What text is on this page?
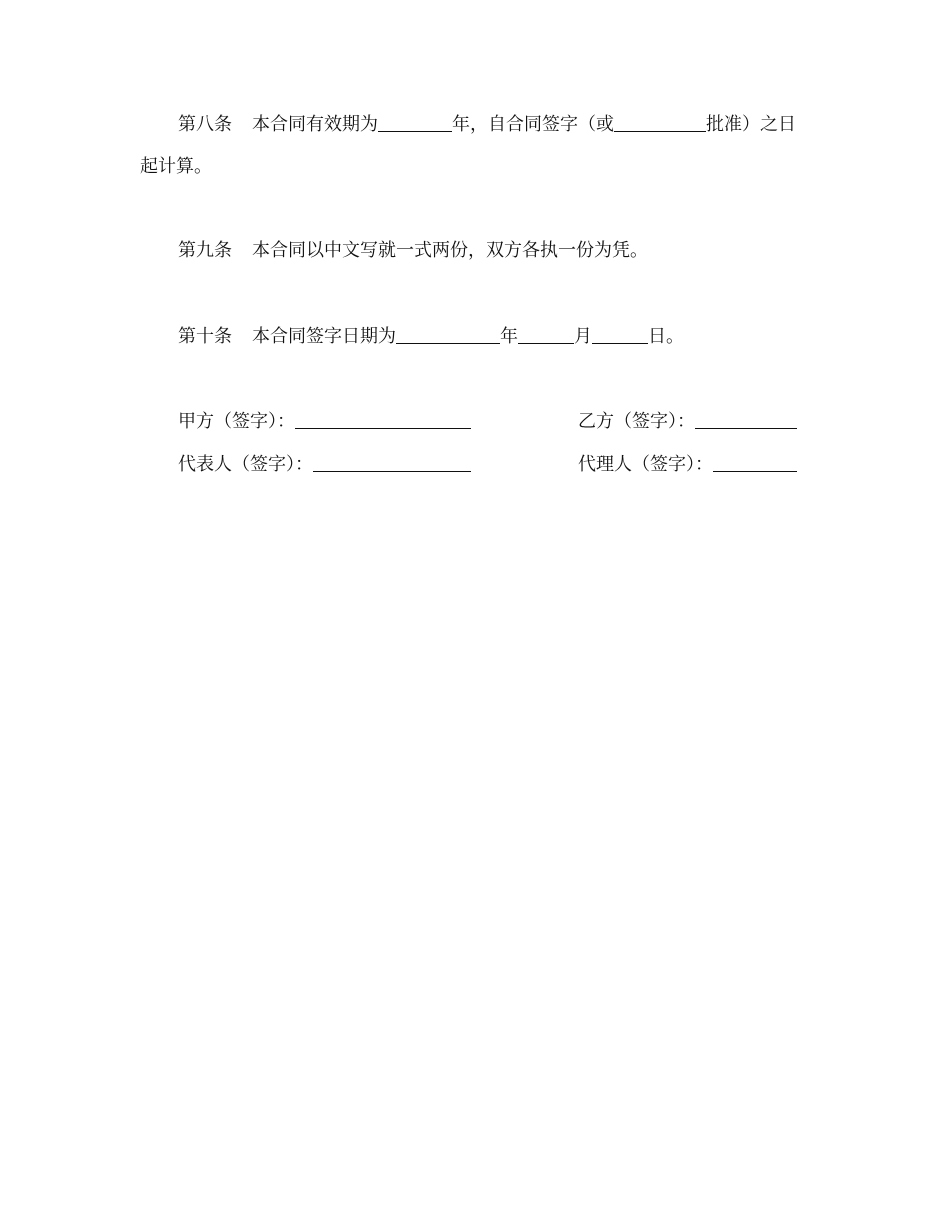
第八条 本合同有效期为	年，自合同签字（或	批准）之日
起计算。
第九条 本合同以中文写就一式两份，双方各执一份为凭。
第十条 本合同签字日期为	年	月	日。
甲方（签字）：	乙方（签字）：
代表人（签字）：	代理人（签字）：
